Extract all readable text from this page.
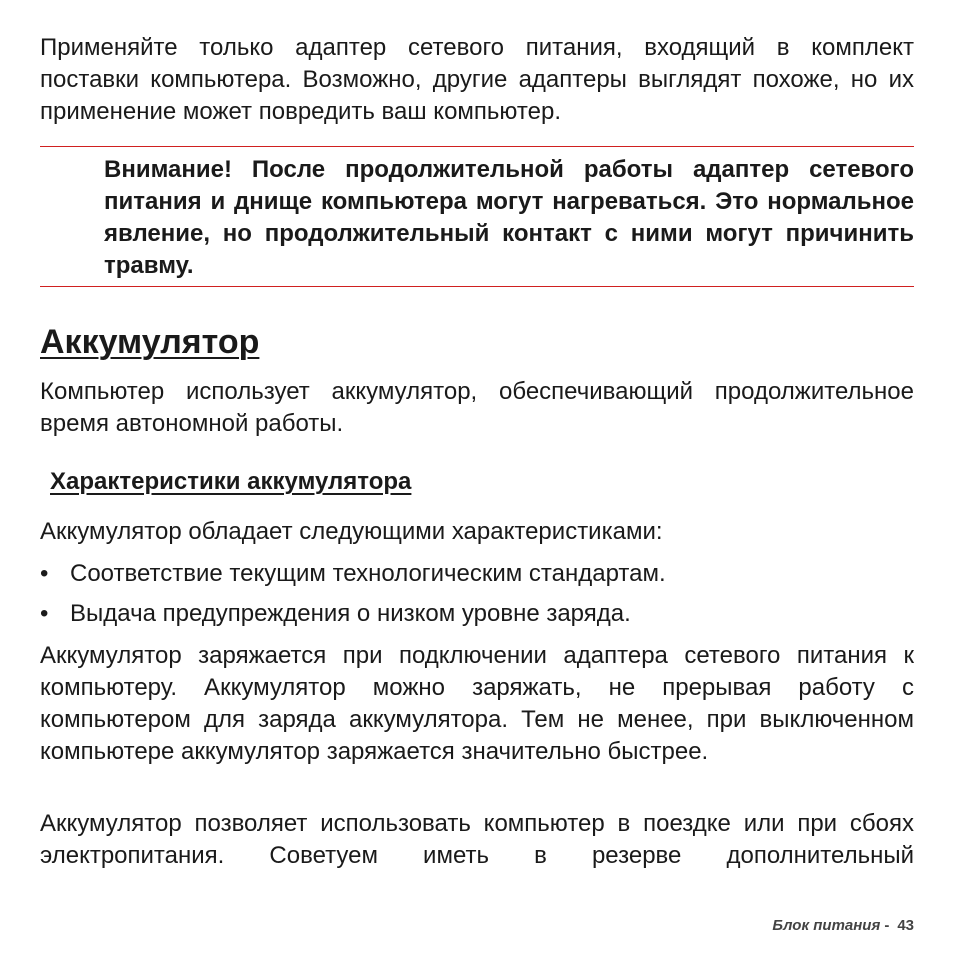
Применяйте только адаптер сетевого питания, входящий в комплект поставки компьютера. Возможно, другие адаптеры выглядят похоже, но их применение может повредить ваш компьютер.

Внимание! После продолжительной работы адаптер сетевого питания и днище компьютера могут нагреваться. Это нормальное явление, но продолжительный контакт с ними могут причинить травму.

Аккумулятор

Компьютер использует аккумулятор, обеспечивающий продолжительное время автономной работы.

Характеристики аккумулятора

Аккумулятор обладает следующими характеристиками:

• Соответствие текущим технологическим стандартам.
• Выдача предупреждения о низком уровне заряда.

Аккумулятор заряжается при подключении адаптера сетевого питания к компьютеру. Аккумулятор можно заряжать, не прерывая работу с компьютером для заряда аккумулятора. Тем не менее, при выключенном компьютере аккумулятор заряжается значительно быстрее.

Аккумулятор позволяет использовать компьютер в поездке или при сбоях электропитания. Советуем иметь в резерве дополнительный

Блок питания - 43
